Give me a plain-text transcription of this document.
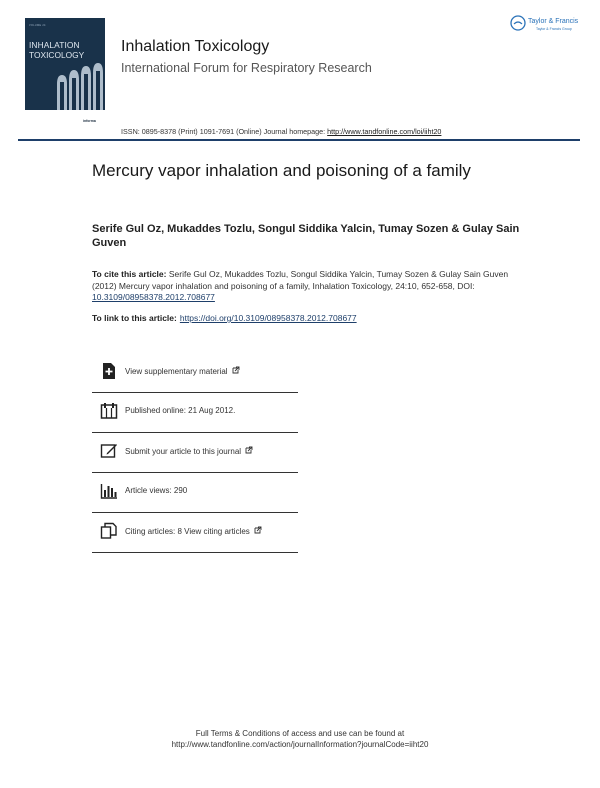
VOLUME 24
INHALATION
TOXICOLOGY
informa
Inhalation Toxicology
International Forum for Respiratory Research
Taylor & Francis
Taylor & Francis Group
ISSN: 0895-8378 (Print) 1091-7691 (Online) Journal homepage: http://www.tandfonline.com/loi/iiht20
Mercury vapor inhalation and poisoning of a family
Serife Gul Oz, Mukaddes Tozlu, Songul Siddika Yalcin, Tumay Sozen & Gulay Sain Guven
To cite this article: Serife Gul Oz, Mukaddes Tozlu, Songul Siddika Yalcin, Tumay Sozen & Gulay Sain Guven (2012) Mercury vapor inhalation and poisoning of a family, Inhalation Toxicology, 24:10, 652-658, DOI: 10.3109/08958378.2012.708677
To link to this article: https://doi.org/10.3109/08958378.2012.708677
View supplementary material
Published online: 21 Aug 2012.
Submit your article to this journal
Article views: 290
Citing articles: 8 View citing articles
Full Terms & Conditions of access and use can be found at
http://www.tandfonline.com/action/journalInformation?journalCode=iiht20
